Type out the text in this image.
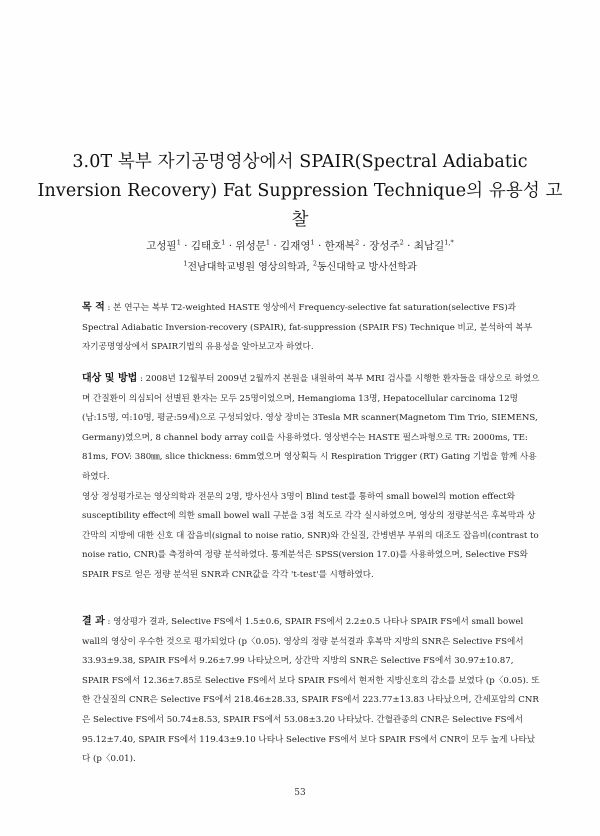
3.0T 복부 자기공명영상에서 SPAIR(Spectral Adiabatic
Inversion Recovery) Fat Suppression Technique의 유용성 고찰
고성필$^1$ · 김태호$^1$ · 위성문$^1$ · 김재영$^1$ · 한재복$^2$ · 장성주$^2$ · 최남길$^{1,*}$
$^1$전남대학교병원 영상의학과, $^2$동신대학교 방사선학과
목 적 : 본 연구는 복부 T2-weighted HASTE 영상에서 Frequency-selective fat saturation(selective FS)과 Spectral Adiabatic Inversion-recovery (SPAIR), fat-suppression (SPAIR FS) Technique 비교, 분석하여 복부 자기공명영상에서 SPAIR기법의 유용성을 알아보고자 하였다.
대상 및 방법 : 2008년 12월부터 2009년 2월까지 본원을 내원하여 복부 MRI 검사를 시행한 환자들을 대상으로 하였으며 간질환이 의심되어 선별된 환자는 모두 25명이었으며, Hemangioma 13명, Hepatocellular carcinoma 12명(남:15명, 여:10명, 평균:59세)으로 구성되었다. 영상 장비는 3Tesla MR scanner(Magnetom Tim Trio, SIEMENS, Germany)였으며, 8 channel body array coil을 사용하였다. 영상변수는 HASTE 펄스파형으로 TR: 2000ms, TE: 81ms, FOV: 380㎜, slice thickness: 6mm였으며 영상획득 시 Respiration Trigger (RT) Gating 기법을 함께 사용하였다.
영상 정성평가로는 영상의학과 전문의 2명, 방사선사 3명이 Blind test를 통하여 small bowel의 motion effect와 susceptibility effect에 의한 small bowel wall 구분을 3점 척도로 각각 실시하였으며, 영상의 정량분석은 후복막과 상간막의 지방에 대한 신호 대 잡음비(signal to noise ratio, SNR)와 간실질, 간병변부 부위의 대조도 잡음비(contrast to noise ratio, CNR)를 측정하여 정량 분석하였다. 통계분석은 SPSS(version 17.0)를 사용하였으며, Selective FS와 SPAIR FS로 얻은 정량 분석된 SNR과 CNR값을 각각 't-test'를 시행하였다.
결 과 : 영상평가 결과, Selective FS에서 1.5±0.6, SPAIR FS에서 2.2±0.5 나타나 SPAIR FS에서 small bowel wall의 영상이 우수한 것으로 평가되었다 (p〈0.05). 영상의 정량 분석결과 후복막 지방의 SNR은 Selective FS에서 33.93±9.38, SPAIR FS에서 9.26±7.99 나타났으며, 상간막 지방의 SNR은 Selective FS에서 30.97±10.87, SPAIR FS에서 12.36±7.85로 Selective FS에서 보다 SPAIR FS에서 현저한 지방신호의 감소를 보였다 (p〈0.05). 또한 간실질의 CNR은 Selective FS에서 218.46±28.33, SPAIR FS에서 223.77±13.83 나타났으며, 간세포암의 CNR은 Selective FS에서 50.74±8.53, SPAIR FS에서 53.08±3.20 나타났다. 간혈관종의 CNR은 Selective FS에서 95.12±7.40, SPAIR FS에서 119.43±9.10 나타나 Selective FS에서 보다 SPAIR FS에서 CNR이 모두 높게 나타났다 (p〈0.01).
53
